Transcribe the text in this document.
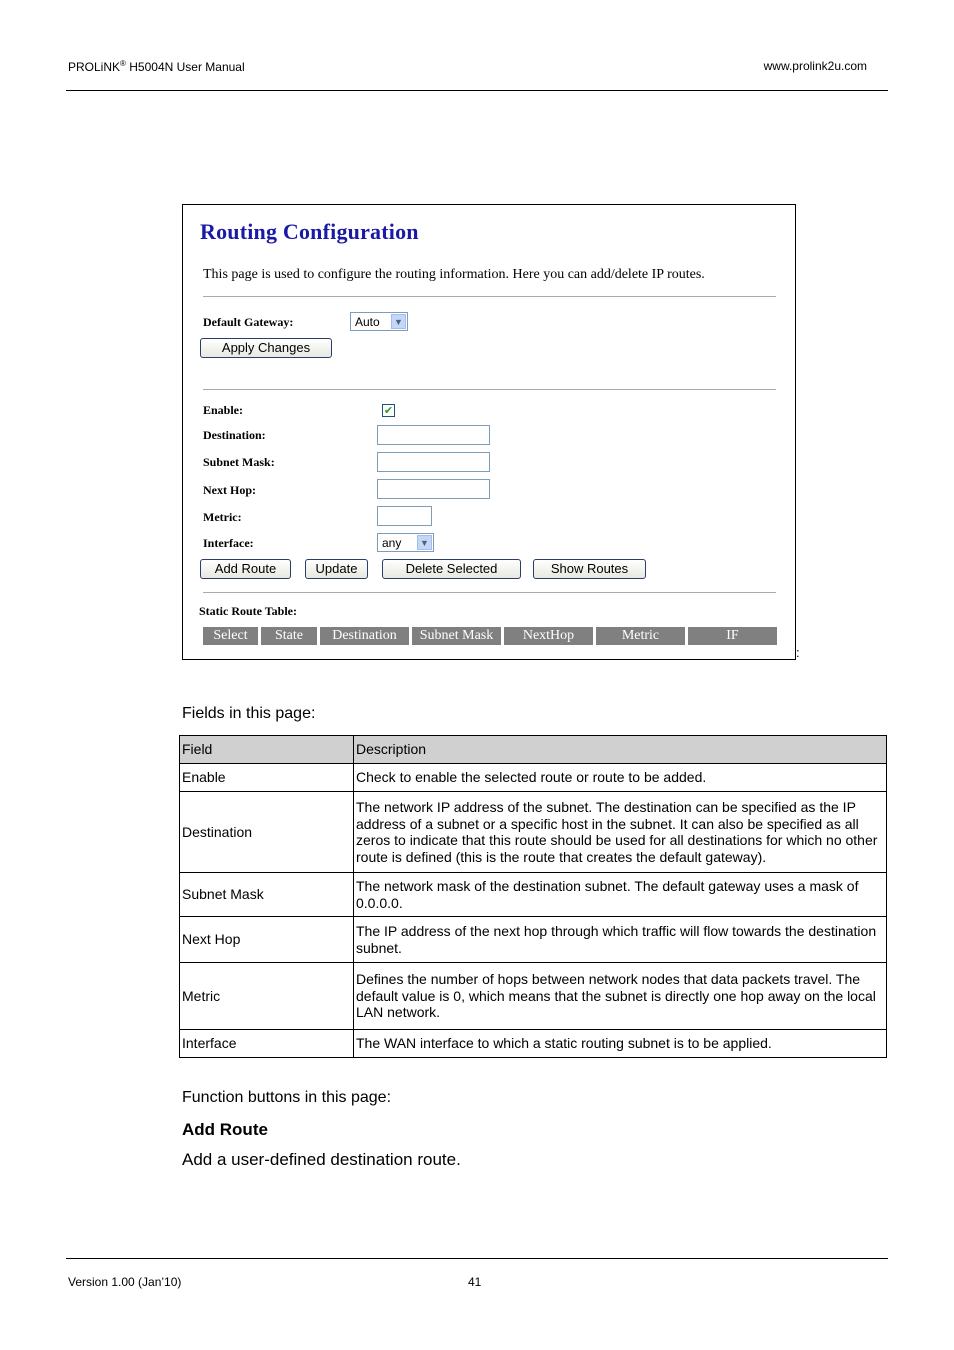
PROLiNK® H5004N User Manual	www.prolink2u.com
Routing Configuration
This page is used to configure the routing information. Here you can add/delete IP routes.
Default Gateway:	Auto	▼
Apply Changes
Enable:	✔
Destination:
Subnet Mask:
Next Hop:
Metric:
Interface:	any	▼
Add Route	Update	Delete Selected	Show Routes
Static Route Table:
Select	State	Destination	Subnet Mask	NextHop	Metric	IF
:
Fields in this page:
Field	Description
Enable	Check to enable the selected route or route to be added.
Destination	The network IP address of the subnet. The destination can be specified as the IP address of a subnet or a specific host in the subnet. It can also be specified as all zeros to indicate that this route should be used for all destinations for which no other route is defined (this is the route that creates the default gateway).
Subnet Mask	The network mask of the destination subnet. The default gateway uses a mask of 0.0.0.0.
Next Hop	The IP address of the next hop through which traffic will flow towards the destination subnet.
Metric	Defines the number of hops between network nodes that data packets travel. The default value is 0, which means that the subnet is directly one hop away on the local LAN network.
Interface	The WAN interface to which a static routing subnet is to be applied.
Function buttons in this page:
Add Route
Add a user-defined destination route.
Version 1.00 (Jan’10)	41
